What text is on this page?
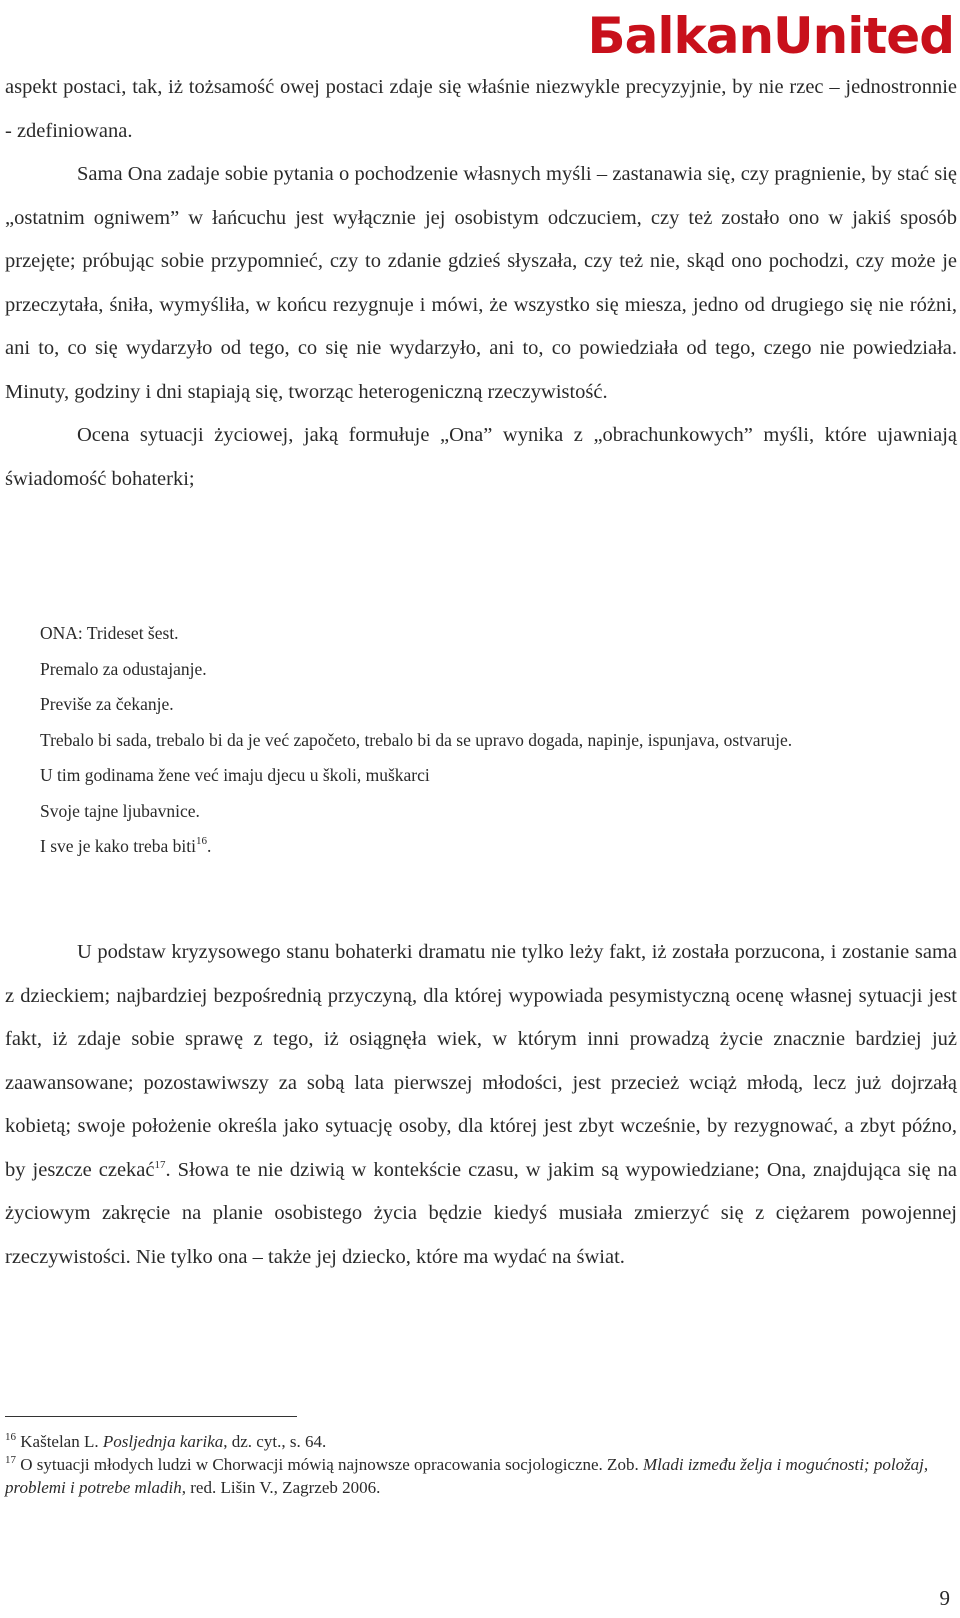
БalkanUnited

aspekt postaci, tak, iż tożsamość owej postaci zdaje się właśnie niezwykle precyzyjnie, by nie rzec – jednostronnie - zdefiniowana.

Sama Ona zadaje sobie pytania o pochodzenie własnych myśli – zastanawia się, czy pragnienie, by stać się „ostatnim ogniwem” w łańcuchu jest wyłącznie jej osobistym odczuciem, czy też zostało ono w jakiś sposób przejęte; próbując sobie przypomnieć, czy to zdanie gdzieś słyszała, czy też nie, skąd ono pochodzi, czy może je przeczytała, śniła, wymyśliła, w końcu rezygnuje i mówi, że wszystko się miesza, jedno od drugiego się nie różni, ani to, co się wydarzyło od tego, co się nie wydarzyło, ani to, co powiedziała od tego, czego nie powiedziała. Minuty, godziny i dni stapiają się, tworząc heterogeniczną rzeczywistość.

Ocena sytuacji życiowej, jaką formułuje „Ona” wynika z „obrachunkowych” myśli, które ujawniają świadomość bohaterki;

ONA: Trideset šest.
Premalo za odustajanje.
Previše za čekanje.
Trebalo bi sada, trebalo bi da je već započeto, trebalo bi da se upravo dogada, napinje, ispunjava, ostvaruje.
U tim godinama žene već imaju djecu u školi, muškarci
Svoje tajne ljubavnice.
I sve je kako treba biti$^{16}$.

U podstaw kryzysowego stanu bohaterki dramatu nie tylko leży fakt, iż została porzucona, i zostanie sama z dzieckiem; najbardziej bezpośrednią przyczyną, dla której wypowiada pesymistyczną ocenę własnej sytuacji jest fakt, iż zdaje sobie sprawę z tego, iż osiągnęła wiek, w którym inni prowadzą życie znacznie bardziej już zaawansowane; pozostawiwszy za sobą lata pierwszej młodości, jest przecież wciąż młodą, lecz już dojrzałą kobietą; swoje położenie określa jako sytuację osoby, dla której jest zbyt wcześnie, by rezygnować, a zbyt późno, by jeszcze czekać$^{17}$. Słowa te nie dziwią w kontekście czasu, w jakim są wypowiedziane; Ona, znajdująca się na życiowym zakręcie na planie osobistego życia będzie kiedyś musiała zmierzyć się z ciężarem powojennej rzeczywistości. Nie tylko ona – także jej dziecko, które ma wydać na świat.

$^{16}$ Kaštelan L. Posljednja karika, dz. cyt., s. 64.

$^{17}$ O sytuacji młodych ludzi w Chorwacji mówią najnowsze opracowania socjologiczne. Zob. Mladi između želja i mogućnosti; položaj, problemi i potrebe mladih, red. Lišin V., Zagrzeb 2006.

9
